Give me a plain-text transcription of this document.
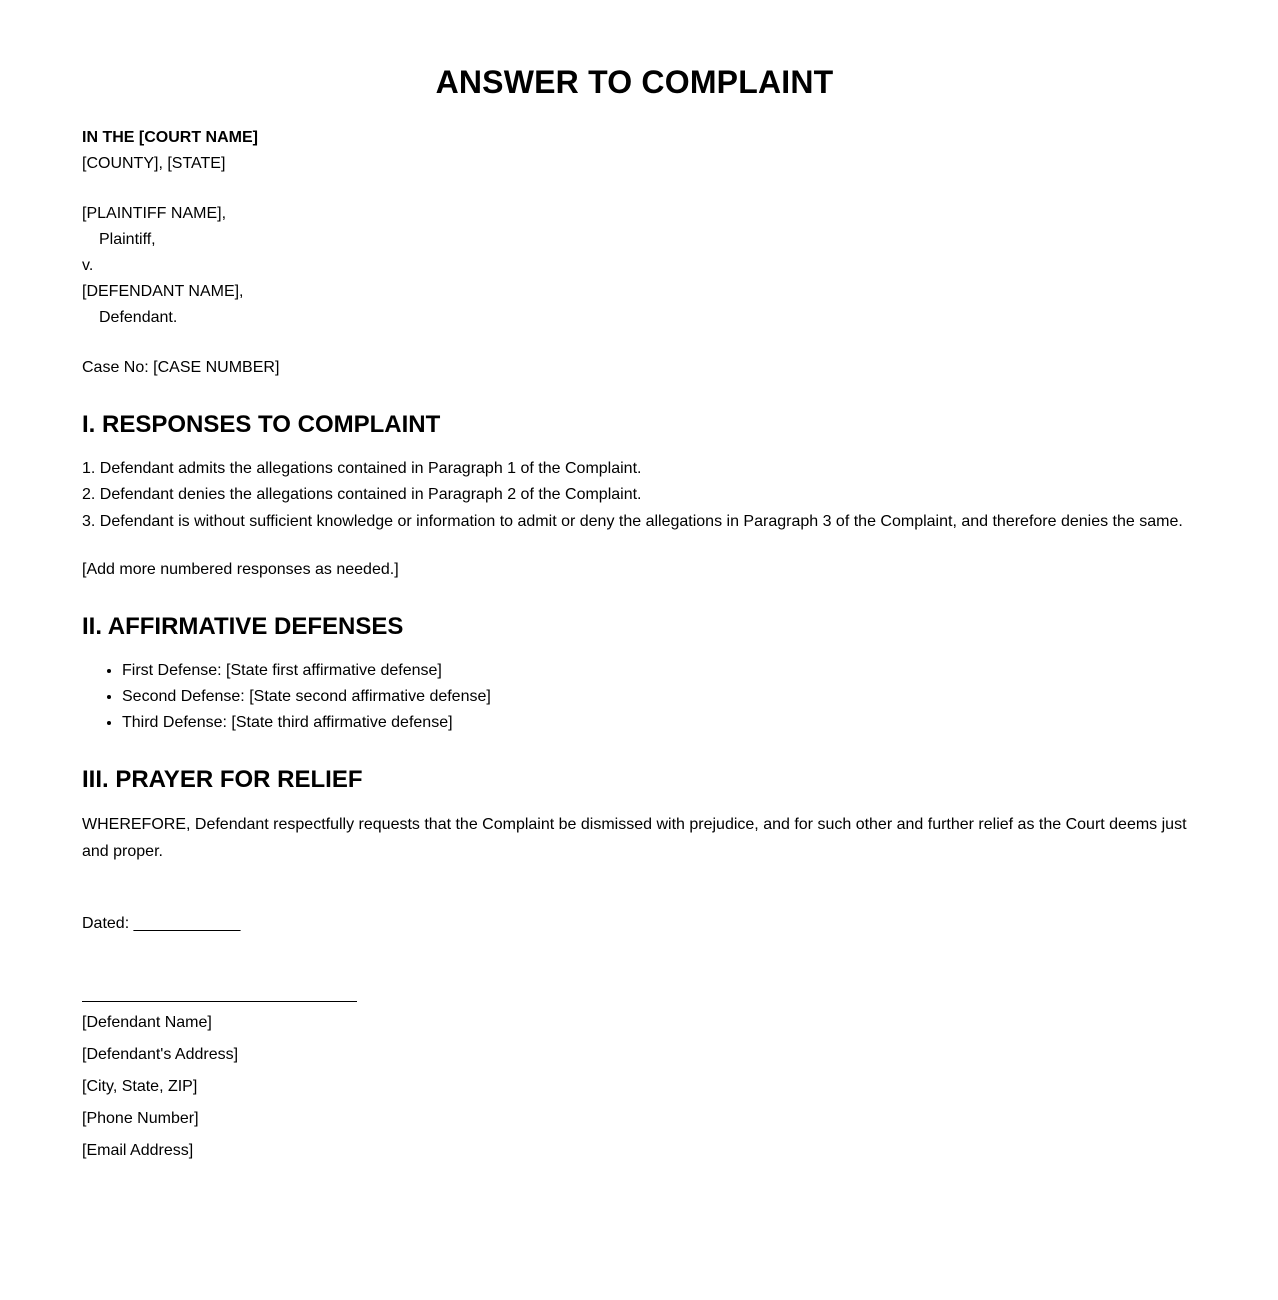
ANSWER TO COMPLAINT

IN THE [COURT NAME]

[COUNTY], [STATE]

[PLAINTIFF NAME],

Plaintiff,

v.

[DEFENDANT NAME],

Defendant.

Case No: [CASE NUMBER]

I. RESPONSES TO COMPLAINT

1. Defendant admits the allegations contained in Paragraph 1 of the Complaint.

2. Defendant denies the allegations contained in Paragraph 2 of the Complaint.

3. Defendant is without sufficient knowledge or information to admit or deny the allegations in Paragraph 3 of the Complaint, and therefore denies the same.

[Add more numbered responses as needed.]

II. AFFIRMATIVE DEFENSES
• First Defense: [State first affirmative defense]
• Second Defense: [State second affirmative defense]
• Third Defense: [State third affirmative defense]
III. PRAYER FOR RELIEF

WHEREFORE, Defendant respectfully requests that the Complaint be dismissed with prejudice, and for such other and further relief as the Court deems just and proper.

Dated: ____________

[Defendant Name]

[Defendant's Address]

[City, State, ZIP]

[Phone Number]

[Email Address]
